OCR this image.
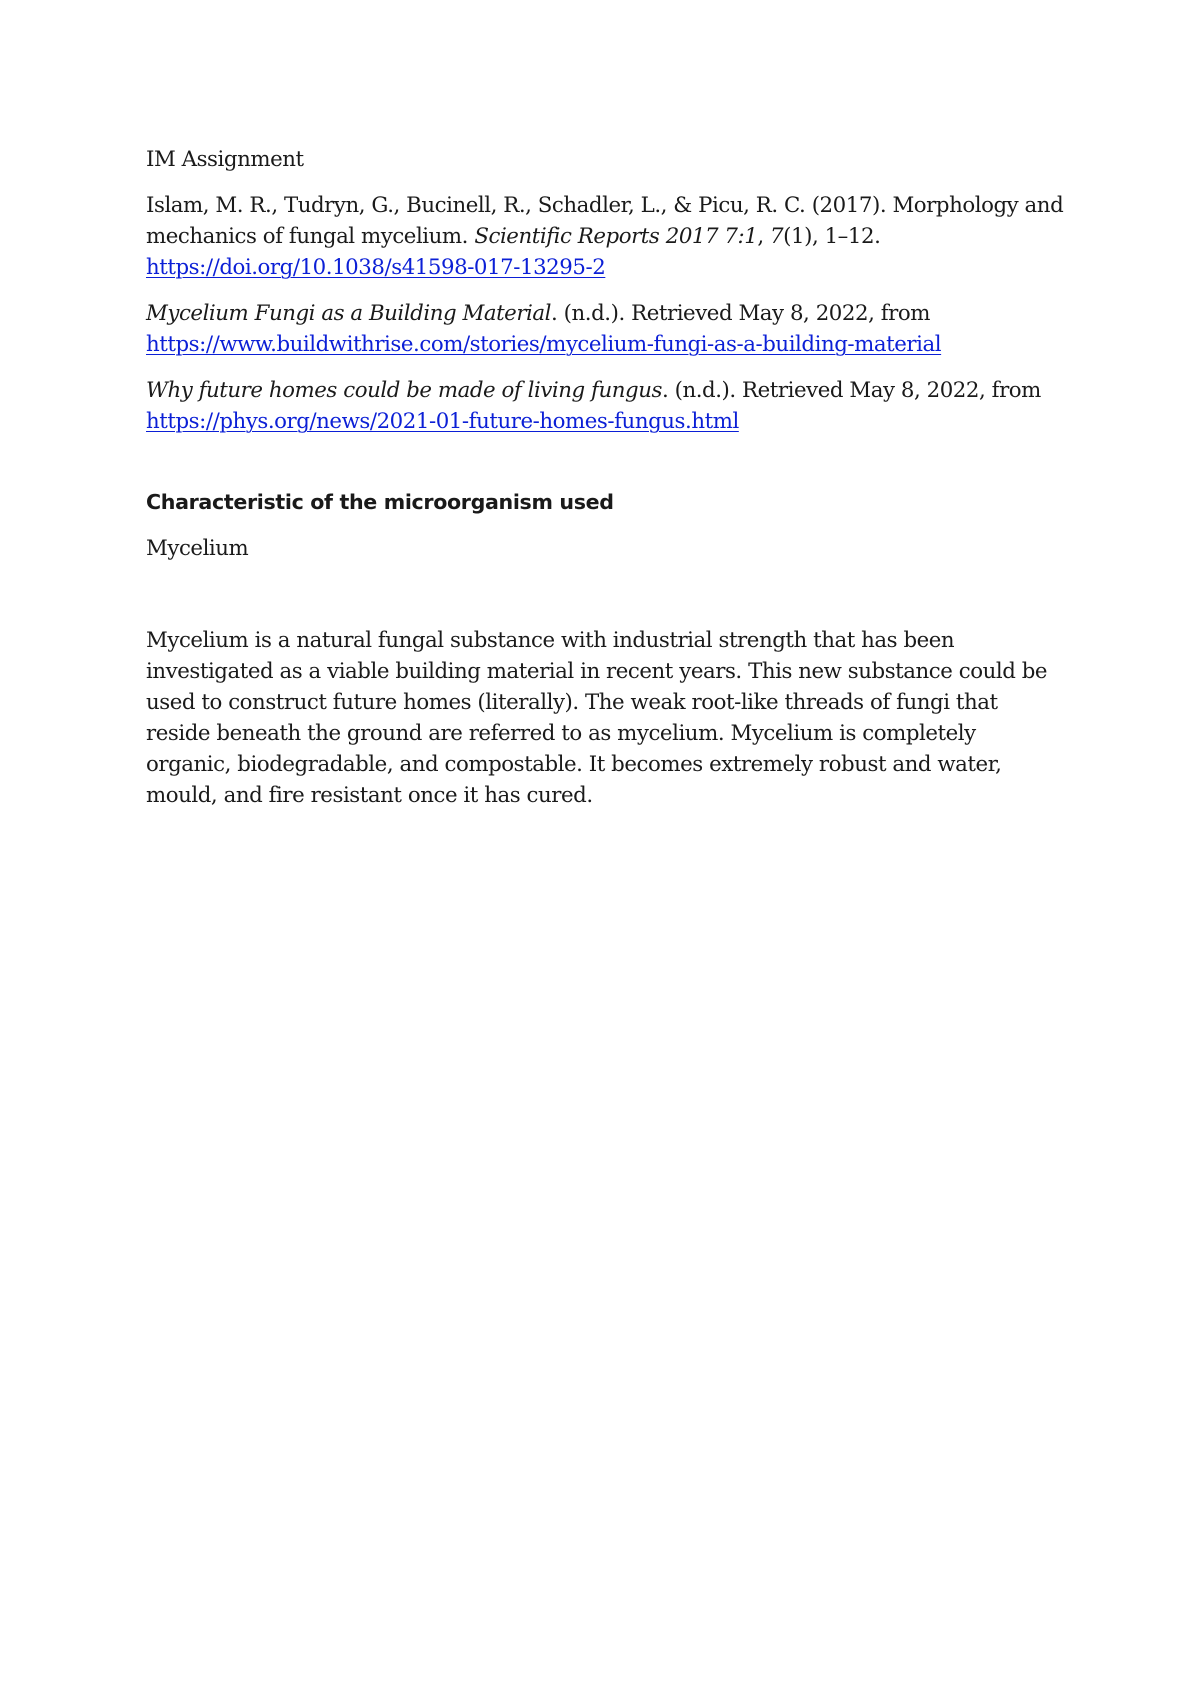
IM Assignment

Islam, M. R., Tudryn, G., Bucinell, R., Schadler, L., & Picu, R. C. (2017). Morphology and mechanics of fungal mycelium. Scientific Reports 2017 7:1, 7(1), 1–12.
https://doi.org/10.1038/s41598-017-13295-2

Mycelium Fungi as a Building Material. (n.d.). Retrieved May 8, 2022, from
https://www.buildwithrise.com/stories/mycelium-fungi-as-a-building-material

Why future homes could be made of living fungus. (n.d.). Retrieved May 8, 2022, from
https://phys.org/news/2021-01-future-homes-fungus.html

Characteristic of the microorganism used

Mycelium

Mycelium is a natural fungal substance with industrial strength that has been investigated as a viable building material in recent years. This new substance could be used to construct future homes (literally). The weak root-like threads of fungi that reside beneath the ground are referred to as mycelium. Mycelium is completely organic, biodegradable, and compostable. It becomes extremely robust and water, mould, and fire resistant once it has cured.
